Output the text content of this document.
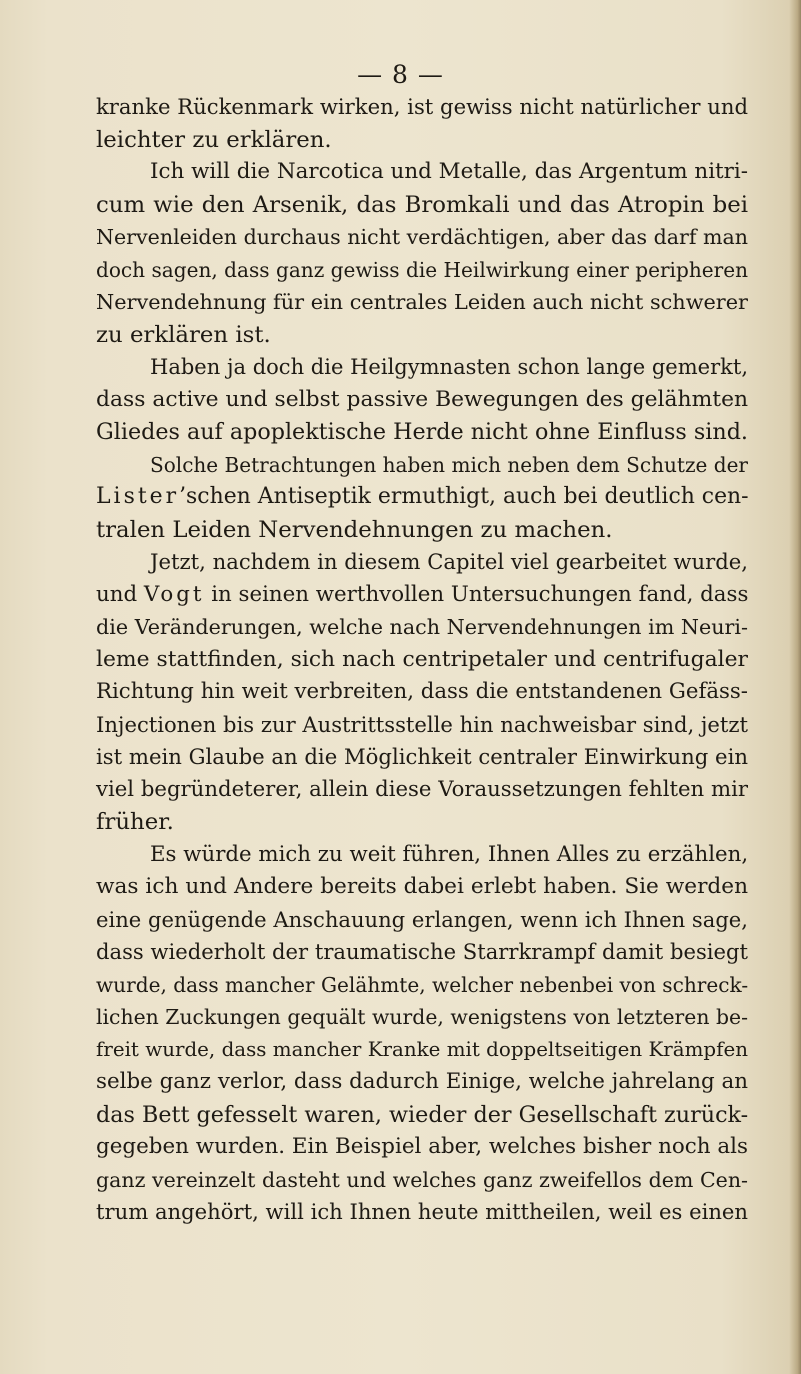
— 8 —
kranke Rückenmark wirken, ist gewiss nicht natürlicher und
leichter zu erklären.
Ich will die Narcotica und Metalle, das Argentum nitri-
cum wie den Arsenik, das Bromkali und das Atropin bei
Nervenleiden durchaus nicht verdächtigen, aber das darf man
doch sagen, dass ganz gewiss die Heilwirkung einer peripheren
Nervendehnung für ein centrales Leiden auch nicht schwerer
zu erklären ist.
Haben ja doch die Heilgymnasten schon lange gemerkt,
dass active und selbst passive Bewegungen des gelähmten
Gliedes auf apoplektische Herde nicht ohne Einfluss sind.
Solche Betrachtungen haben mich neben dem Schutze der
Lister’schen Antiseptik ermuthigt, auch bei deutlich cen-
tralen Leiden Nervendehnungen zu machen.
Jetzt, nachdem in diesem Capitel viel gearbeitet wurde,
und Vogt in seinen werthvollen Untersuchungen fand, dass
die Veränderungen, welche nach Nervendehnungen im Neuri-
leme stattfinden, sich nach centripetaler und centrifugaler
Richtung hin weit verbreiten, dass die entstandenen Gefäss-
Injectionen bis zur Austrittsstelle hin nachweisbar sind, jetzt
ist mein Glaube an die Möglichkeit centraler Einwirkung ein
viel begründeterer, allein diese Voraussetzungen fehlten mir
früher.
Es würde mich zu weit führen, Ihnen Alles zu erzählen,
was ich und Andere bereits dabei erlebt haben. Sie werden
eine genügende Anschauung erlangen, wenn ich Ihnen sage,
dass wiederholt der traumatische Starrkrampf damit besiegt
wurde, dass mancher Gelähmte, welcher nebenbei von schreck-
lichen Zuckungen gequält wurde, wenigstens von letzteren be-
freit wurde, dass mancher Kranke mit doppeltseitigen Krämpfen
selbe ganz verlor, dass dadurch Einige, welche jahrelang an
das Bett gefesselt waren, wieder der Gesellschaft zurück-
gegeben wurden. Ein Beispiel aber, welches bisher noch als
ganz vereinzelt dasteht und welches ganz zweifellos dem Cen-
trum angehört, will ich Ihnen heute mittheilen, weil es einen
